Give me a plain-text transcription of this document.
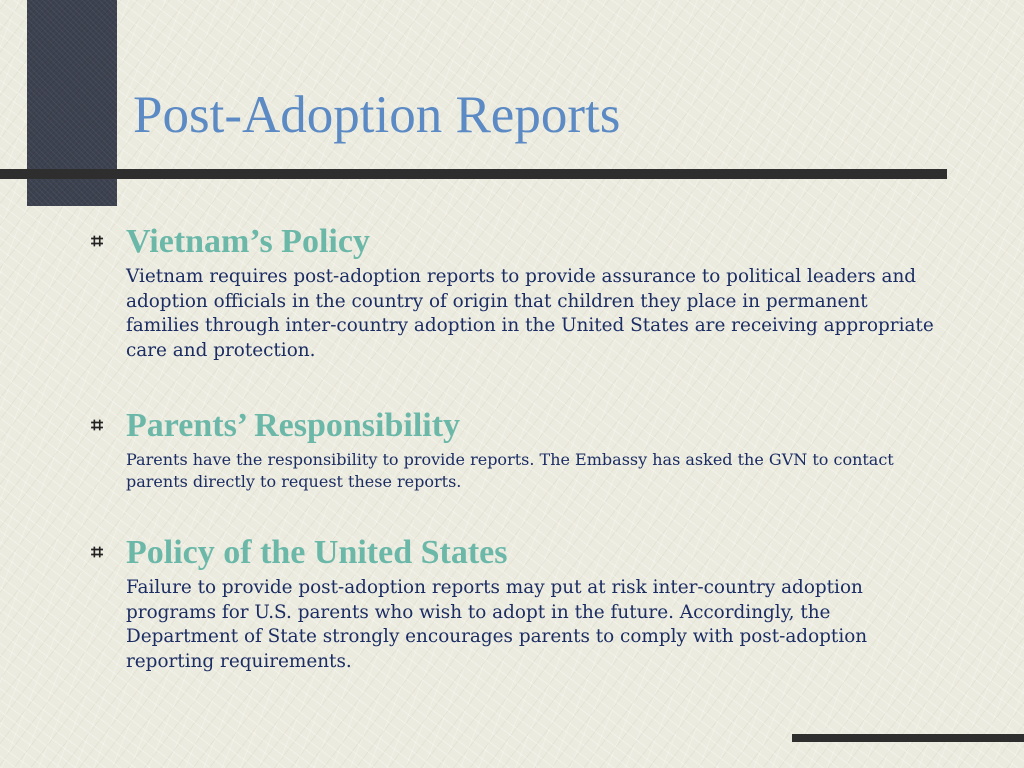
Post-Adoption Reports
⌗ Vietnam’s Policy

Vietnam requires post-adoption reports to provide assurance to political leaders and adoption officials in the country of origin that children they place in permanent families through inter-country adoption in the United States are receiving appropriate care and protection.

⌗ Parents’ Responsibility

Parents have the responsibility to provide reports. The Embassy has asked the GVN to contact parents directly to request these reports.

⌗ Policy of the United States

Failure to provide post-adoption reports may put at risk inter-country adoption programs for U.S. parents who wish to adopt in the future. Accordingly, the Department of State strongly encourages parents to comply with post-adoption reporting requirements.
